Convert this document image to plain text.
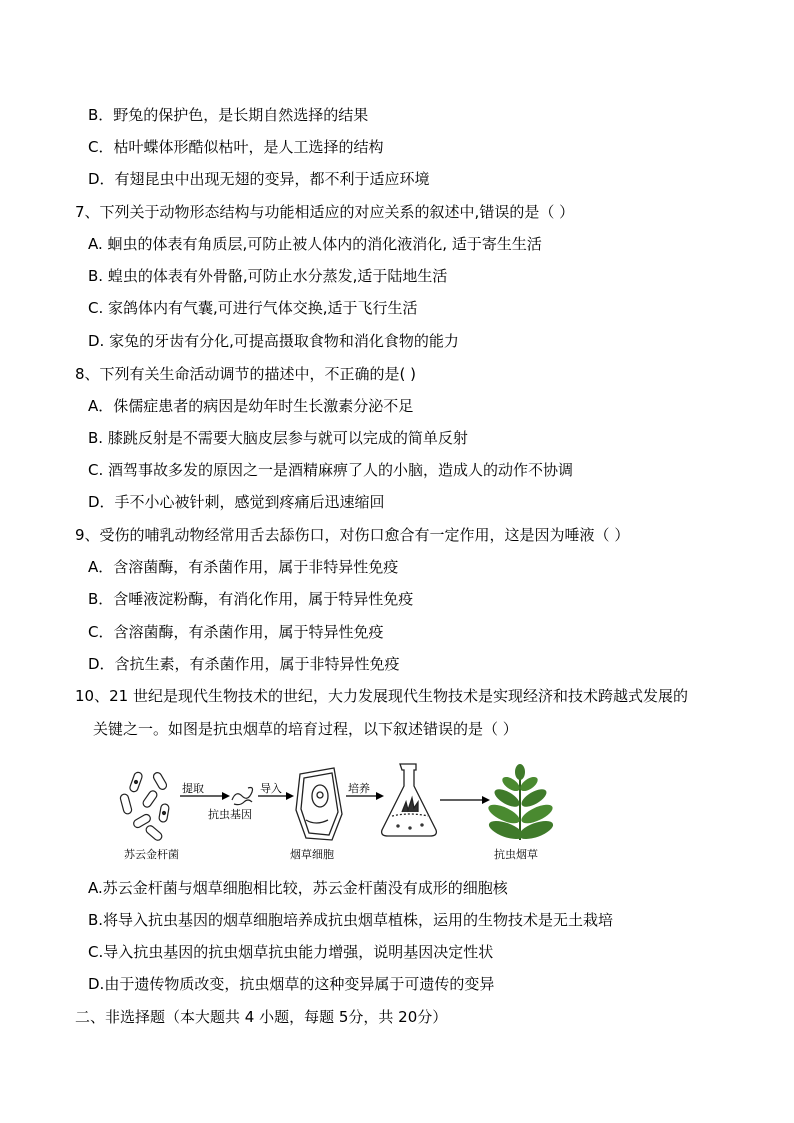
B．野兔的保护色，是长期自然选择的结果
C．枯叶蝶体形酷似枯叶，是人工选择的结构
D．有翅昆虫中出现无翅的变异，都不利于适应环境
7、下列关于动物形态结构与功能相适应的对应关系的叙述中,错误的是（ ）
A. 蛔虫的体表有角质层,可防止被人体内的消化液消化, 适于寄生生活
B. 蝗虫的体表有外骨骼,可防止水分蒸发,适于陆地生活
C. 家鸽体内有气囊,可进行气体交换,适于飞行生活
D. 家兔的牙齿有分化,可提高摄取食物和消化食物的能力
8、下列有关生命活动调节的描述中，不正确的是( )
A．侏儒症患者的病因是幼年时生长激素分泌不足
B. 膝跳反射是不需要大脑皮层参与就可以完成的简单反射
C. 酒驾事故多发的原因之一是酒精麻痹了人的小脑，造成人的动作不协调
D．手不小心被针刺，感觉到疼痛后迅速缩回
9、受伤的哺乳动物经常用舌去舔伤口，对伤口愈合有一定作用，这是因为唾液（ ）
A．含溶菌酶，有杀菌作用，属于非特异性免疫
B．含唾液淀粉酶，有消化作用，属于特异性免疫
C．含溶菌酶，有杀菌作用，属于特异性免疫
D．含抗生素，有杀菌作用，属于非特异性免疫
10、21 世纪是现代生物技术的世纪，大力发展现代生物技术是实现经济和技术跨越式发展的
关键之一。如图是抗虫烟草的培育过程，以下叙述错误的是（ ）
提取
抗虫基因
导入	培养
苏云金杆菌	烟草细胞	抗虫烟草
A.苏云金杆菌与烟草细胞相比较，苏云金杆菌没有成形的细胞核
B.将导入抗虫基因的烟草细胞培养成抗虫烟草植株，运用的生物技术是无土栽培
C.导入抗虫基因的抗虫烟草抗虫能力增强，说明基因决定性状
D.由于遗传物质改变，抗虫烟草的这种变异属于可遗传的变异
二、非选择题（本大题共 4 小题，每题 5分，共 20分）
